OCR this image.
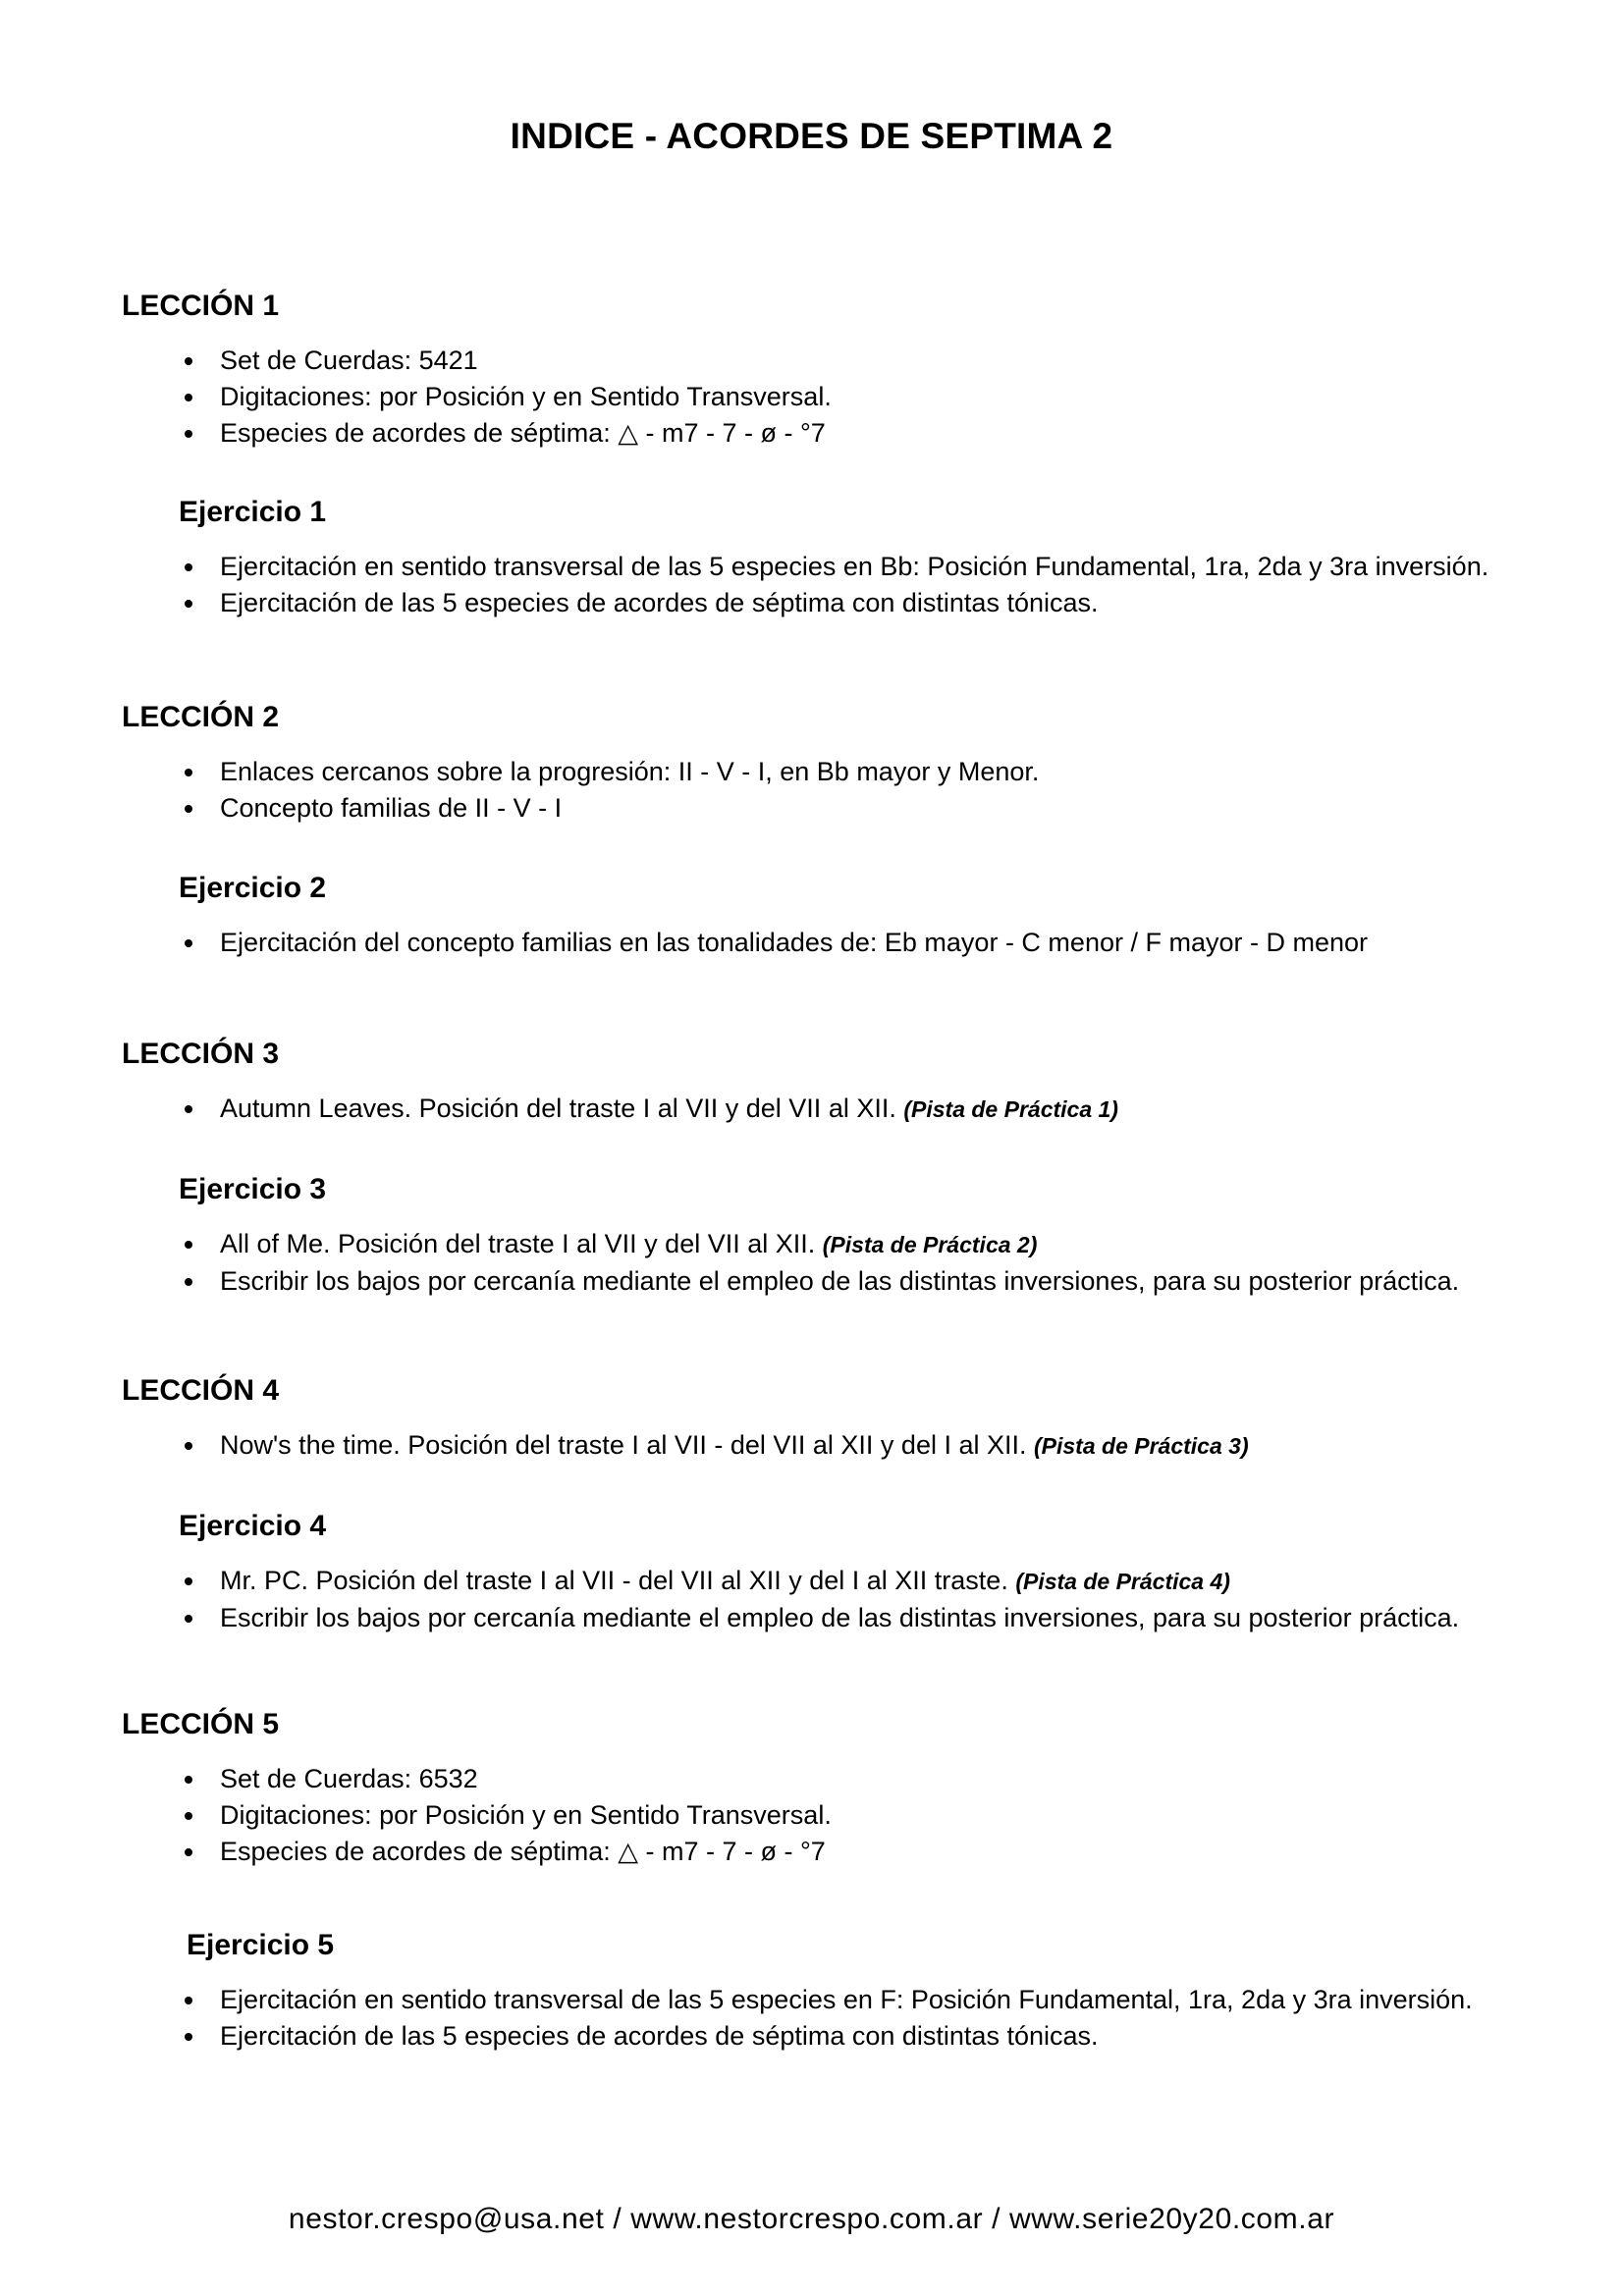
INDICE - ACORDES DE SEPTIMA 2
LECCIÓN 1
Set de Cuerdas: 5421
Digitaciones: por Posición y en Sentido Transversal.
Especies de acordes de séptima: △ - m7 - 7 - ø - °7
Ejercicio 1
Ejercitación en sentido transversal de las 5 especies en Bb: Posición Fundamental, 1ra, 2da y 3ra inversión.
Ejercitación de las 5 especies de acordes de séptima con distintas tónicas.
LECCIÓN 2
Enlaces cercanos sobre la progresión: II - V - I, en Bb mayor y Menor.
Concepto familias de II - V - I
Ejercicio 2
Ejercitación del concepto familias en las tonalidades de: Eb mayor - C menor / F mayor - D menor
LECCIÓN 3
Autumn Leaves. Posición del traste I al VII y del VII al XII. (Pista de Práctica 1)
Ejercicio 3
All of Me. Posición del traste I al VII y del VII al XII. (Pista de Práctica 2)
Escribir los bajos por cercanía mediante el empleo de las distintas inversiones, para su posterior práctica.
LECCIÓN 4
Now's the time. Posición del traste I al VII - del VII al XII y del I al XII. (Pista de Práctica 3)
Ejercicio 4
Mr. PC. Posición del traste I al VII - del VII al XII y del I al XII traste. (Pista de Práctica 4)
Escribir los bajos por cercanía mediante el empleo de las distintas inversiones, para su posterior práctica.
LECCIÓN 5
Set de Cuerdas: 6532
Digitaciones: por Posición y en Sentido Transversal.
Especies de acordes de séptima: △ - m7 - 7 - ø - °7
Ejercicio 5
Ejercitación en sentido transversal de las 5 especies en F: Posición Fundamental, 1ra, 2da y 3ra inversión.
Ejercitación de las 5 especies de acordes de séptima con distintas tónicas.
nestor.crespo@usa.net / www.nestorcrespo.com.ar / www.serie20y20.com.ar
